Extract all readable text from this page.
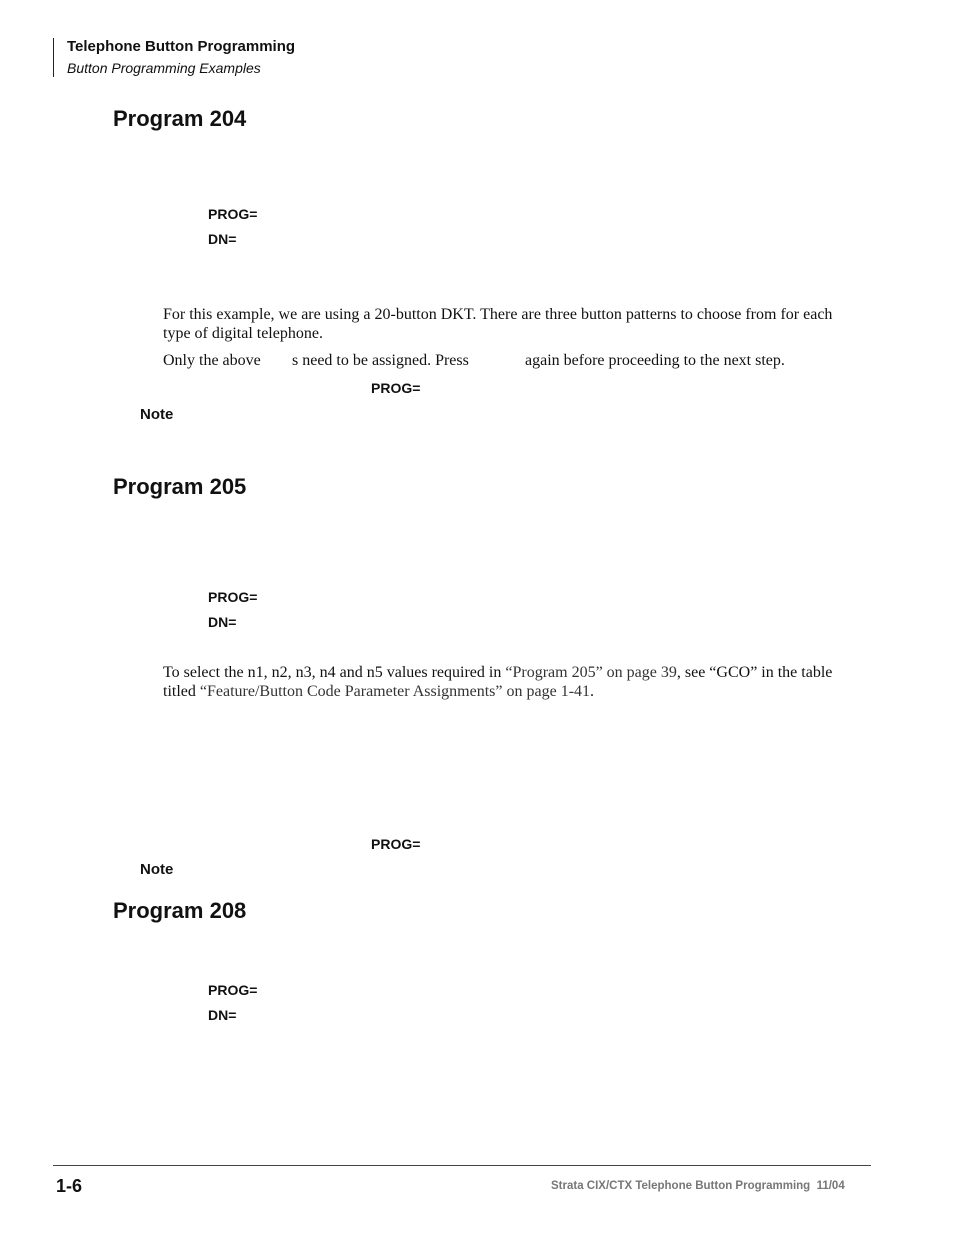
Telephone Button Programming
Button Programming Examples
Program 204
PROG=
DN=
For this example, we are using a 20-button DKT. There are three button patterns to choose from for each type of digital telephone.
Only the above s need to be assigned. Press	again before proceeding to the next step.
PROG=
Note
Program 205
PROG=
DN=
To select the n1, n2, n3, n4 and n5 values required in “Program 205” on page 39, see “GCO” in the table titled “Feature/Button Code Parameter Assignments” on page 1-41.
PROG=
Note
Program 208
PROG=
DN=
1-6	Strata CIX/CTX Telephone Button Programming  11/04
